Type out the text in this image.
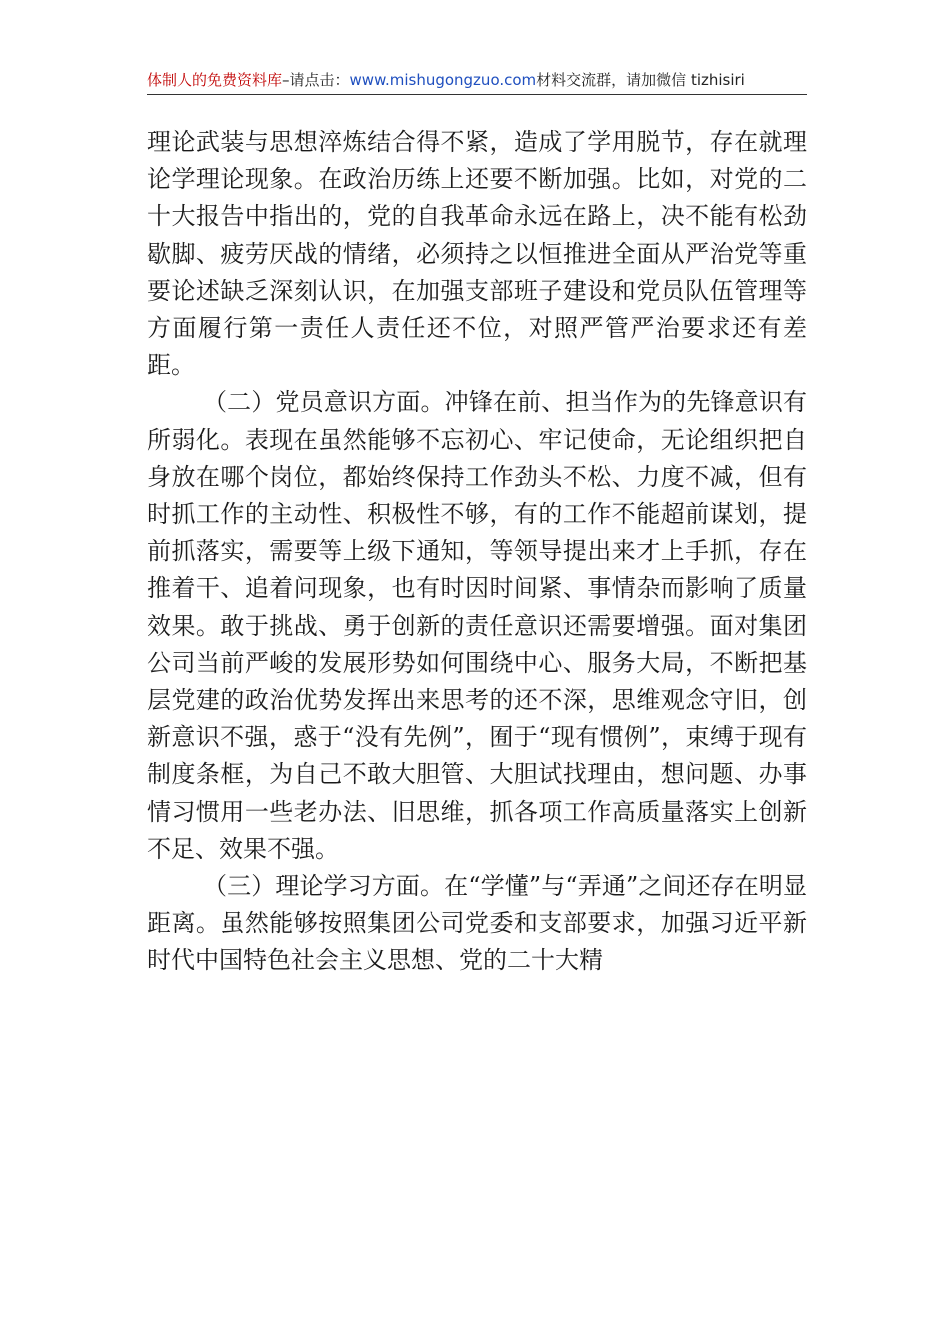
体制人的免费资料库–请点击：www.mishugongzuo.com材料交流群，请加微信 tizhisiri

理论武装与思想淬炼结合得不紧，造成了学用脱节，存在就理论学理论现象。在政治历练上还要不断加强。比如，对党的二十大报告中指出的，党的自我革命永远在路上，决不能有松劲歇脚、疲劳厌战的情绪，必须持之以恒推进全面从严治党等重要论述缺乏深刻认识，在加强支部班子建设和党员队伍管理等方面履行第一责任人责任还不位，对照严管严治要求还有差距。

（二）党员意识方面。冲锋在前、担当作为的先锋意识有所弱化。表现在虽然能够不忘初心、牢记使命，无论组织把自身放在哪个岗位，都始终保持工作劲头不松、力度不减，但有时抓工作的主动性、积极性不够，有的工作不能超前谋划，提前抓落实，需要等上级下通知，等领导提出来才上手抓，存在推着干、追着问现象，也有时因时间紧、事情杂而影响了质量效果。敢于挑战、勇于创新的责任意识还需要增强。面对集团公司当前严峻的发展形势如何围绕中心、服务大局，不断把基层党建的政治优势发挥出来思考的还不深，思维观念守旧，创新意识不强，惑于“没有先例”，囿于“现有惯例”，束缚于现有制度条框，为自己不敢大胆管、大胆试找理由，想问题、办事情习惯用一些老办法、旧思维，抓各项工作高质量落实上创新不足、效果不强。

（三）理论学习方面。在“学懂”与“弄通”之间还存在明显距离。虽然能够按照集团公司党委和支部要求，加强习近平新时代中国特色社会主义思想、党的二十大精
